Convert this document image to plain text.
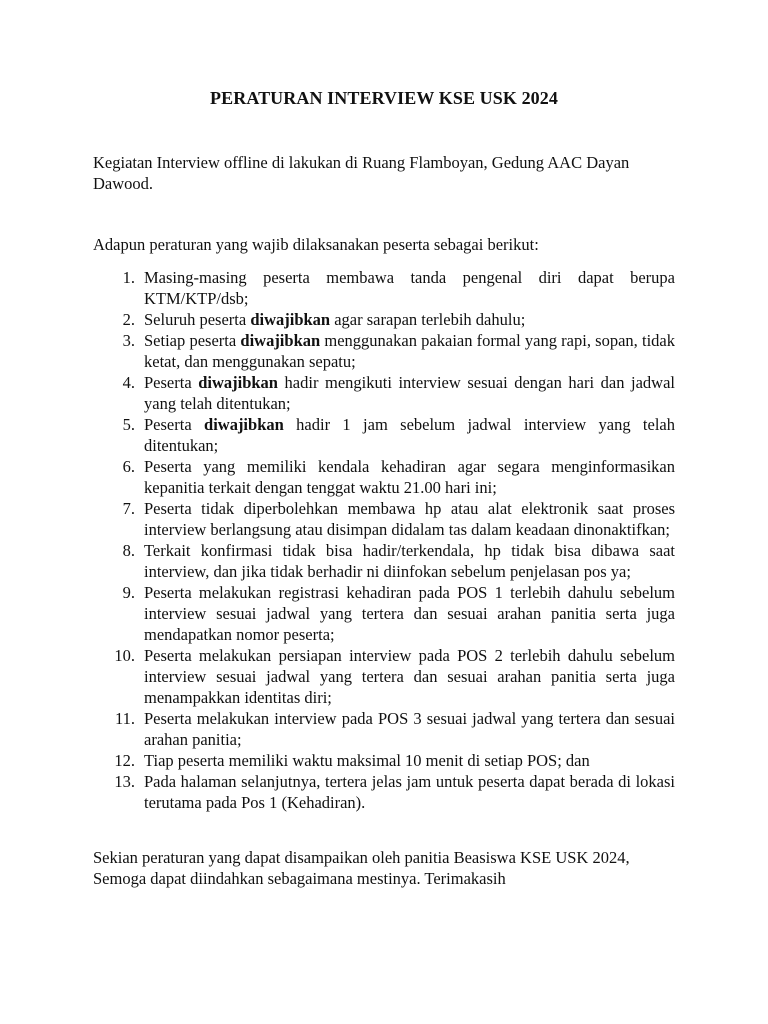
PERATURAN INTERVIEW KSE USK 2024

Kegiatan Interview offline di lakukan di Ruang Flamboyan, Gedung AAC Dayan Dawood.

Adapun peraturan yang wajib dilaksanakan peserta sebagai berikut:

1. Masing-masing peserta membawa tanda pengenal diri dapat berupa KTM/KTP/dsb;
2. Seluruh peserta diwajibkan agar sarapan terlebih dahulu;
3. Setiap peserta diwajibkan menggunakan pakaian formal yang rapi, sopan, tidak ketat, dan menggunakan sepatu;
4. Peserta diwajibkan hadir mengikuti interview sesuai dengan hari dan jadwal yang telah ditentukan;
5. Peserta diwajibkan hadir 1 jam sebelum jadwal interview yang telah ditentukan;
6. Peserta yang memiliki kendala kehadiran agar segara menginformasikan kepanitia terkait dengan tenggat waktu 21.00 hari ini;
7. Peserta tidak diperbolehkan membawa hp atau alat elektronik saat proses interview berlangsung atau disimpan didalam tas dalam keadaan dinonaktifkan;
8. Terkait konfirmasi tidak bisa hadir/terkendala, hp tidak bisa dibawa saat interview, dan jika tidak berhadir ni diinfokan sebelum penjelasan pos ya;
9. Peserta melakukan registrasi kehadiran pada POS 1 terlebih dahulu sebelum interview sesuai jadwal yang tertera dan sesuai arahan panitia serta juga mendapatkan nomor peserta;
10. Peserta melakukan persiapan interview pada POS 2 terlebih dahulu sebelum interview sesuai jadwal yang tertera dan sesuai arahan panitia serta juga menampakkan identitas diri;
11. Peserta melakukan interview pada POS 3 sesuai jadwal yang tertera dan sesuai arahan panitia;
12. Tiap peserta memiliki waktu maksimal 10 menit di setiap POS; dan
13. Pada halaman selanjutnya, tertera jelas jam untuk peserta dapat berada di lokasi terutama pada Pos 1 (Kehadiran).

Sekian peraturan yang dapat disampaikan oleh panitia Beasiswa KSE USK 2024, Semoga dapat diindahkan sebagaimana mestinya. Terimakasih
